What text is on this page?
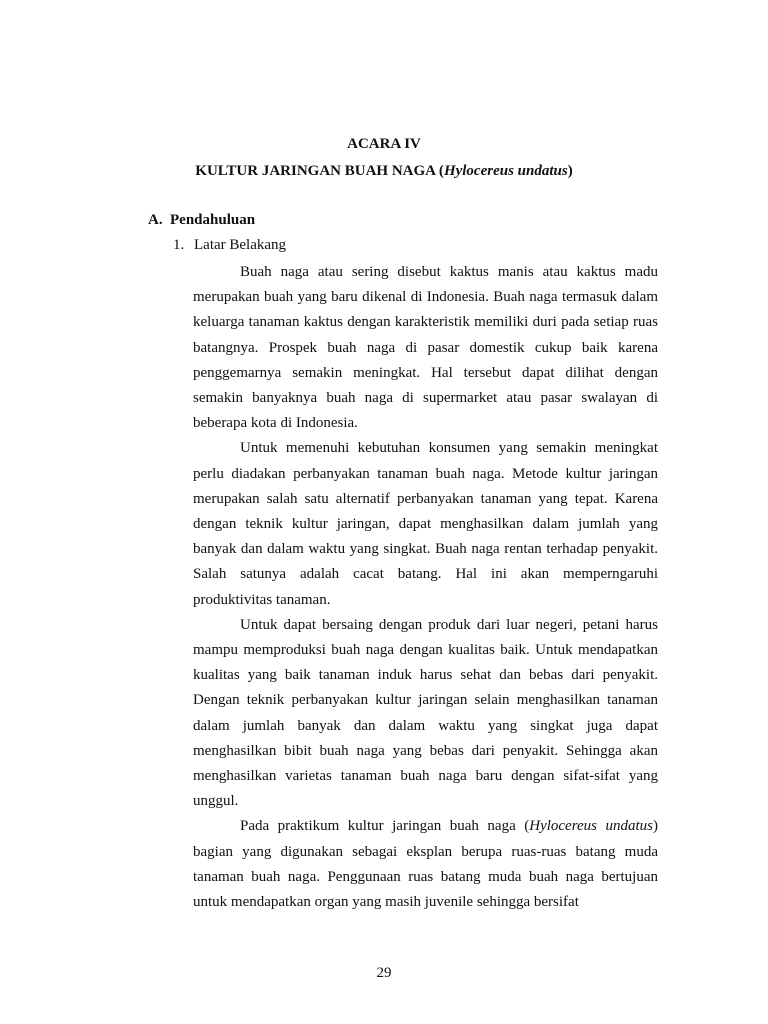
ACARA IV
KULTUR JARINGAN BUAH NAGA (Hylocereus undatus)
A. Pendahuluan
1. Latar Belakang

Buah naga atau sering disebut kaktus manis atau kaktus madu merupakan buah yang baru dikenal di Indonesia. Buah naga termasuk dalam keluarga tanaman kaktus dengan karakteristik memiliki duri pada setiap ruas batangnya. Prospek buah naga di pasar domestik cukup baik karena penggemarnya semakin meningkat. Hal tersebut dapat dilihat dengan semakin banyaknya buah naga di supermarket atau pasar swalayan di beberapa kota di Indonesia.

Untuk memenuhi kebutuhan konsumen yang semakin meningkat perlu diadakan perbanyakan tanaman buah naga. Metode kultur jaringan merupakan salah satu alternatif perbanyakan tanaman yang tepat. Karena dengan teknik kultur jaringan, dapat menghasilkan dalam jumlah yang banyak dan dalam waktu yang singkat. Buah naga rentan terhadap penyakit. Salah satunya adalah cacat batang. Hal ini akan memperngaruhi produktivitas tanaman.

Untuk dapat bersaing dengan produk dari luar negeri, petani harus mampu memproduksi buah naga dengan kualitas baik. Untuk mendapatkan kualitas yang baik tanaman induk harus sehat dan bebas dari penyakit. Dengan teknik perbanyakan kultur jaringan selain menghasilkan tanaman dalam jumlah banyak dan dalam waktu yang singkat juga dapat menghasilkan bibit buah naga yang bebas dari penyakit. Sehingga akan menghasilkan varietas tanaman buah naga baru dengan sifat-sifat yang unggul.

Pada praktikum kultur jaringan buah naga (Hylocereus undatus) bagian yang digunakan sebagai eksplan berupa ruas-ruas batang muda tanaman buah naga. Penggunaan ruas batang muda buah naga bertujuan untuk mendapatkan organ yang masih juvenile sehingga bersifat

29
